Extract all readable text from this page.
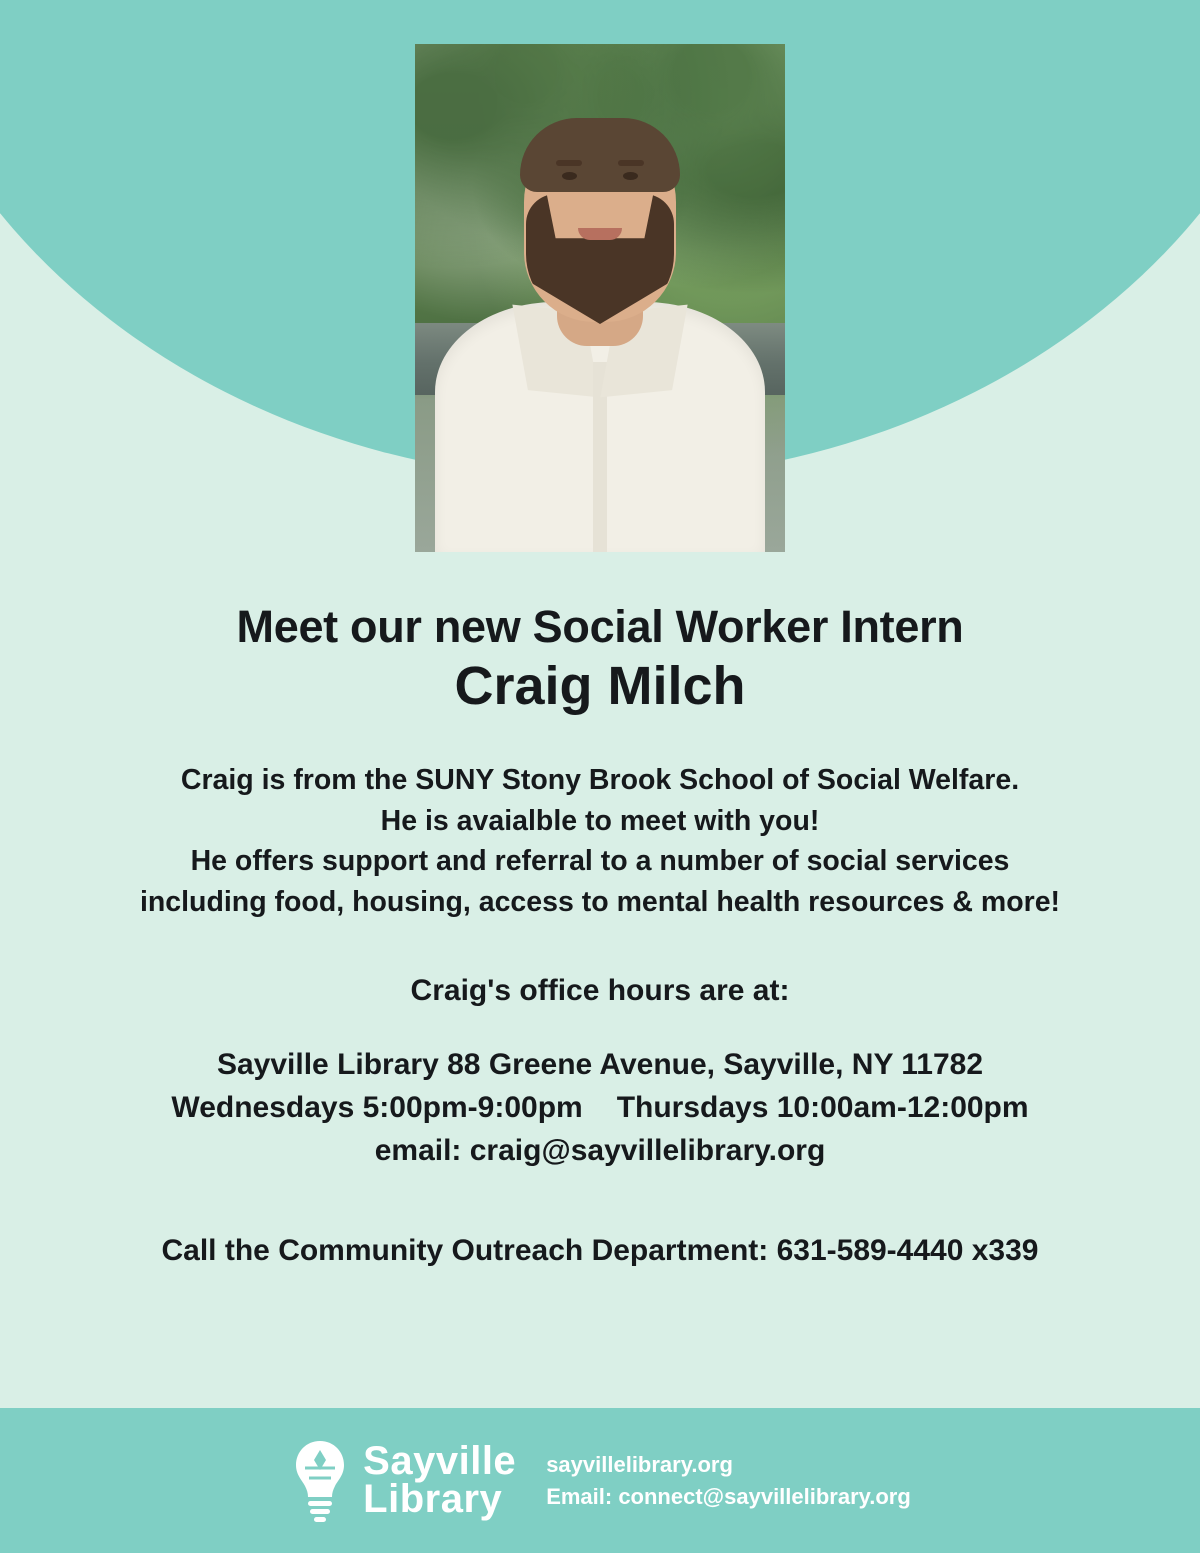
Meet our new Social Worker Intern
Craig Milch
Craig is from the SUNY Stony Brook School of Social Welfare.
He is avaialble to meet with you!
He offers support and referral to a number of social services
including food, housing, access to mental health resources & more!
Craig's office hours are at:
Sayville Library 88 Greene Avenue, Sayville, NY 11782
Wednesdays 5:00pm-9:00pm Thursdays 10:00am-12:00pm
email: craig@sayvillelibrary.org
Call the Community Outreach Department: 631-589-4440 x339
Sayville
Library
sayvillelibrary.org
Email: connect@sayvillelibrary.org
